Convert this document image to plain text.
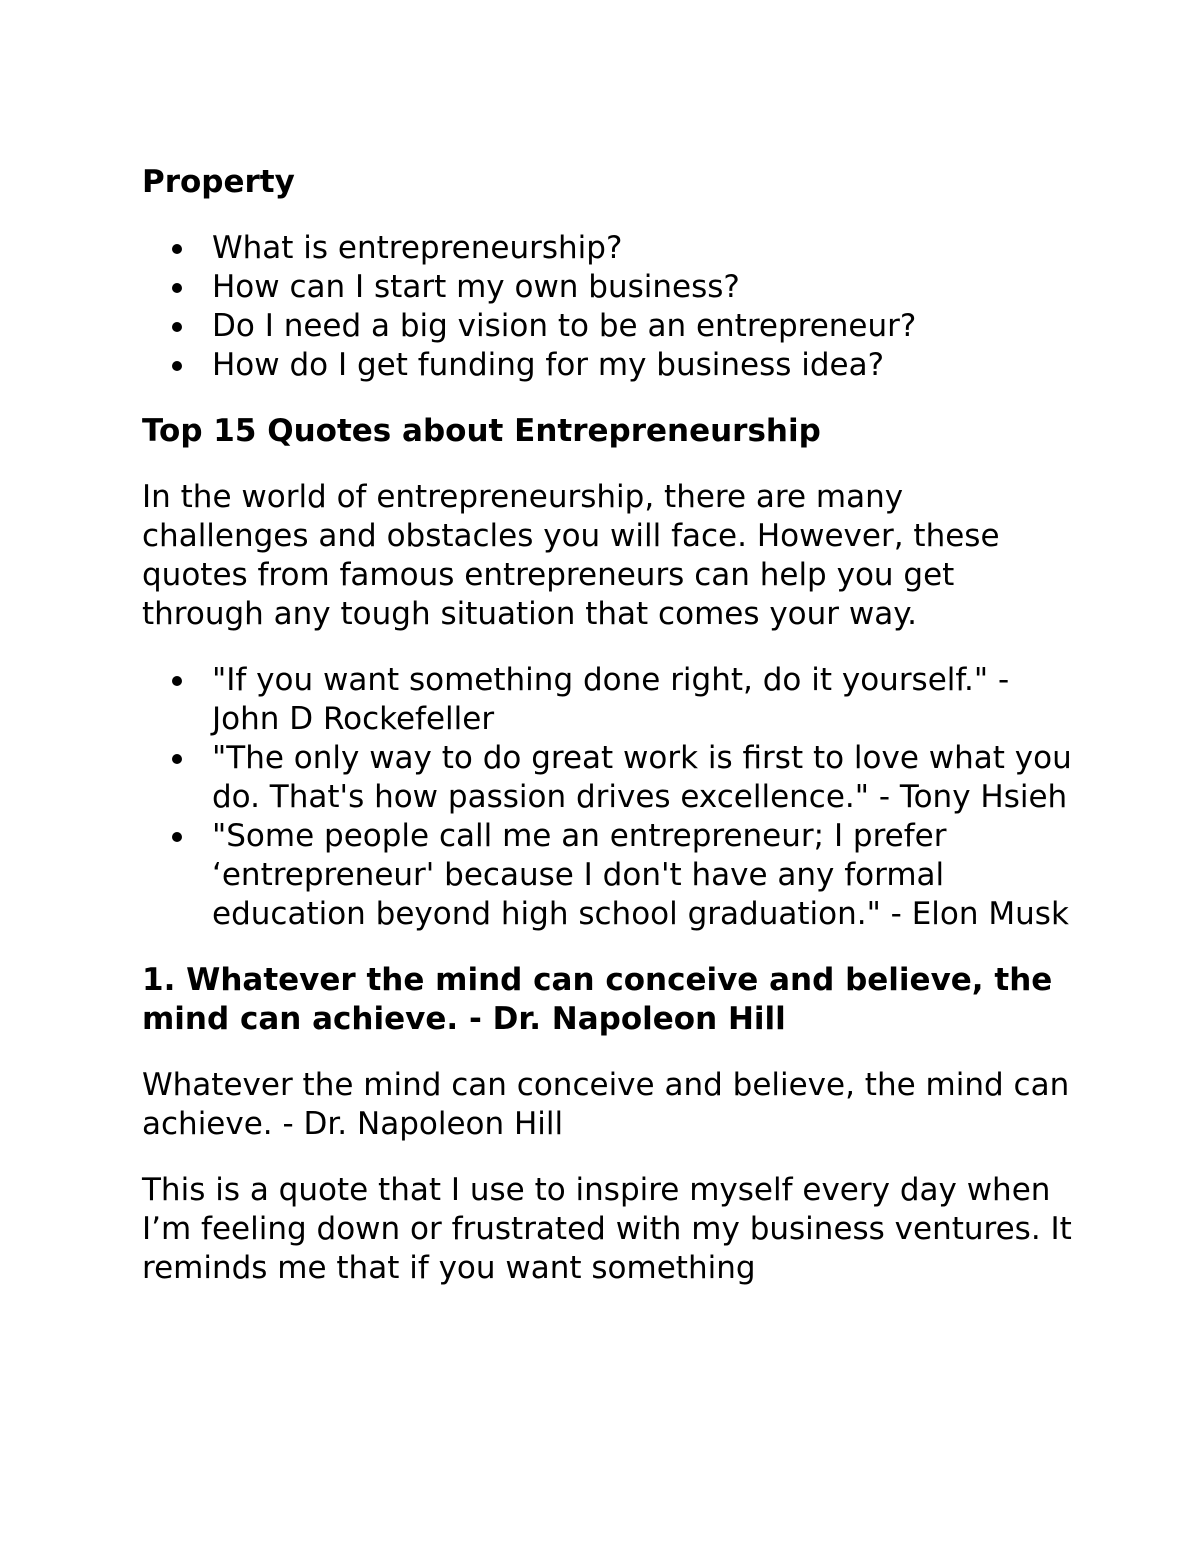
Property
What is entrepreneurship?
How can I start my own business?
Do I need a big vision to be an entrepreneur?
How do I get funding for my business idea?
Top 15 Quotes about Entrepreneurship

In the world of entrepreneurship, there are many challenges and obstacles you will face. However, these quotes from famous entrepreneurs can help you get through any tough situation that comes your way.

"If you want something done right, do it yourself." - John D Rockefeller
"The only way to do great work is first to love what you do. That's how passion drives excellence." - Tony Hsieh
"Some people call me an entrepreneur; I prefer ‘entrepreneur' because I don't have any formal education beyond high school graduation." - Elon Musk
1. Whatever the mind can conceive and believe, the mind can achieve. - Dr. Napoleon Hill

Whatever the mind can conceive and believe, the mind can achieve. - Dr. Napoleon Hill

This is a quote that I use to inspire myself every day when I’m feeling down or frustrated with my business ventures. It reminds me that if you want something
